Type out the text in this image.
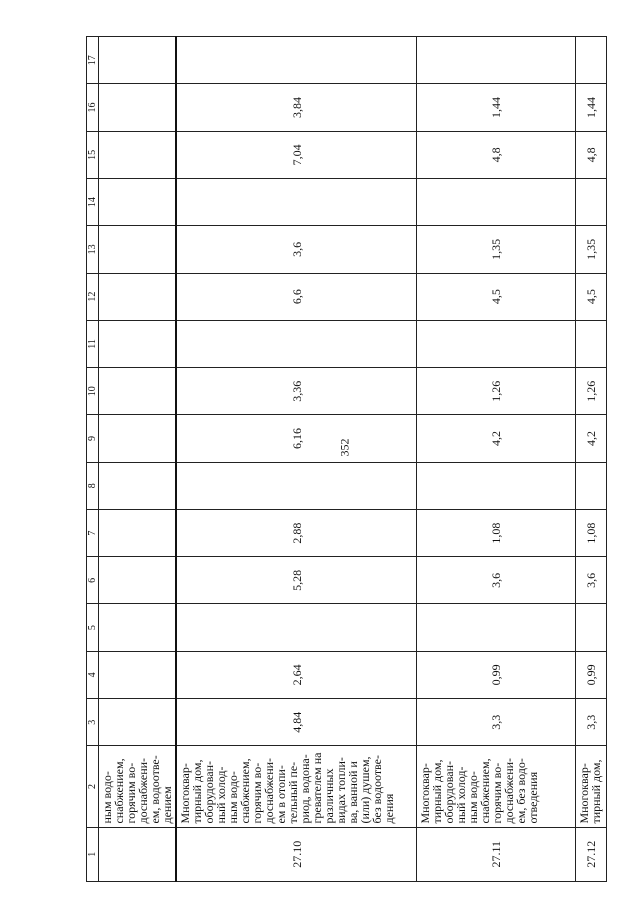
352
1	2	3	4	5	6	7	8	9	10	11	12	13	14	15	16	17
	ным водо-снабжением, горячим во-доснабжени-ем, водоотве-дением															
27.10	Многоквар-тирный дом, оборудован-ный холод-ным водо-снабжением, горячим во-доснабжени-ем в отопи-тельный пе-риод, водона-гревателем на различных видах топли-ва, ванной и (или) душем, без водоотве-дения	4,84	2,64		5,28	2,88		6,16	3,36		6,6	3,6		7,04	3,84	
27.11	Многоквар-тирный дом, оборудован-ный холод-ным водо-снабжением, горячим во-доснабжени-ем, без водо-отведения	3,3	0,99		3,6	1,08		4,2	1,26		4,5	1,35		4,8	1,44	
27.12	Многоквар-тирный дом,	3,3	0,99		3,6	1,08		4,2	1,26		4,5	1,35		4,8	1,44	
